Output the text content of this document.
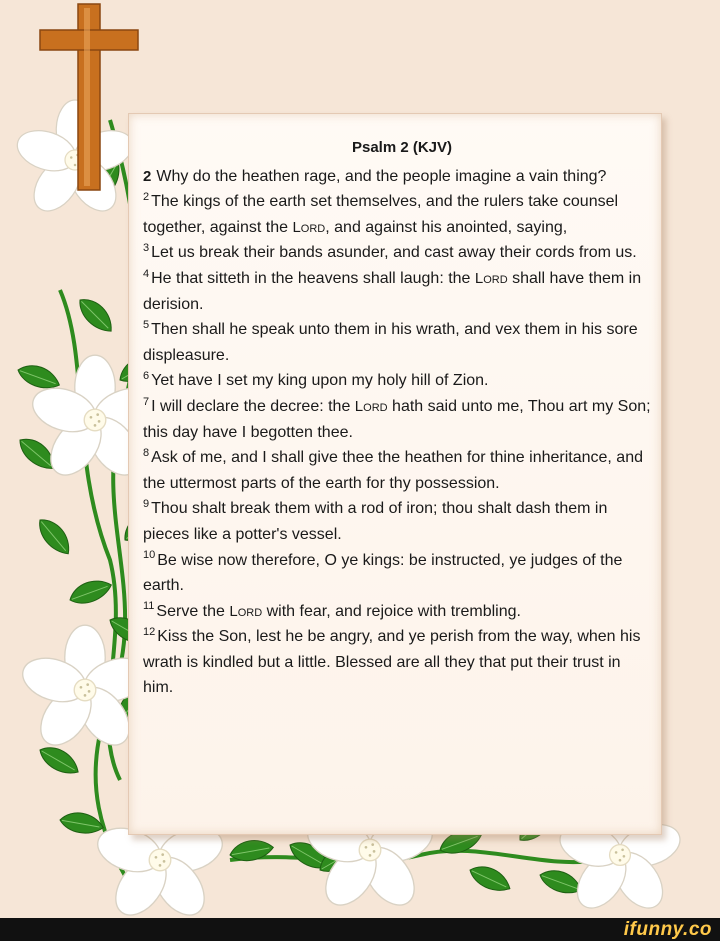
Psalm 2 (KJV)

2 Why do the heathen rage, and the people imagine a vain thing?

$^2$ The kings of the earth set themselves, and the rulers take counsel together, against the Lord, and against his anointed, saying,

$^3$ Let us break their bands asunder, and cast away their cords from us.

$^4$ He that sitteth in the heavens shall laugh: the Lord shall have them in derision.

$^5$ Then shall he speak unto them in his wrath, and vex them in his sore displeasure.

$^6$ Yet have I set my king upon my holy hill of Zion.

$^7$ I will declare the decree: the Lord hath said unto me, Thou art my Son; this day have I begotten thee.

$^8$ Ask of me, and I shall give thee the heathen for thine inheritance, and the uttermost parts of the earth for thy possession.

$^9$ Thou shalt break them with a rod of iron; thou shalt dash them in pieces like a potter's vessel.

$^{10}$ Be wise now therefore, O ye kings: be instructed, ye judges of the earth.

$^{11}$ Serve the Lord with fear, and rejoice with trembling.

$^{12}$ Kiss the Son, lest he be angry, and ye perish from the way, when his wrath is kindled but a little. Blessed are all they that put their trust in him.

ifunny.co
